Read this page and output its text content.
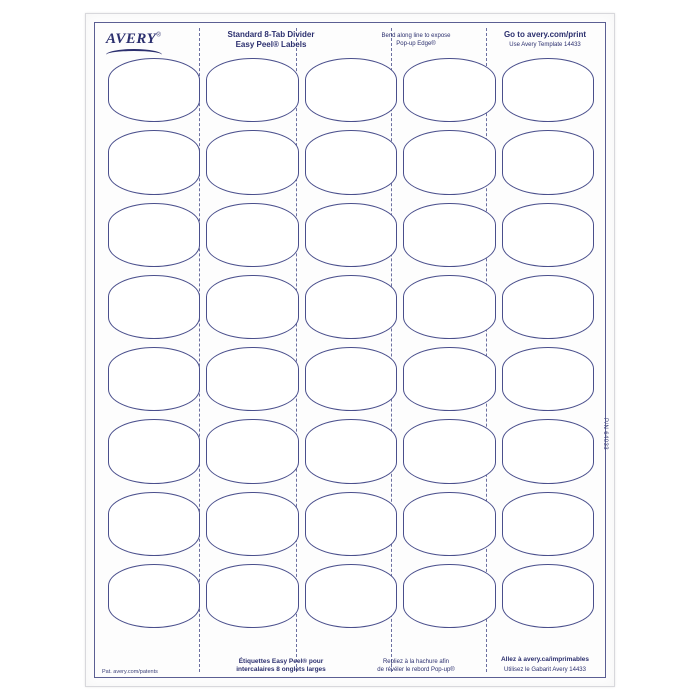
AVERY®	Standard 8-Tab Divider
Easy Peel® Labels
Bend along line to expose
Pop-up Edge®
Go to avery.com/print
Use Avery Template 14433
P/N 64033
Pat. avery.com/patents
Étiquettes Easy Peel® pour
intercalaires 8 onglets larges
Repliez à la hachure afin
de révéler le rebord Pop-up®
Allez à avery.ca/imprimables
Utilisez le Gabarit Avery 14433
